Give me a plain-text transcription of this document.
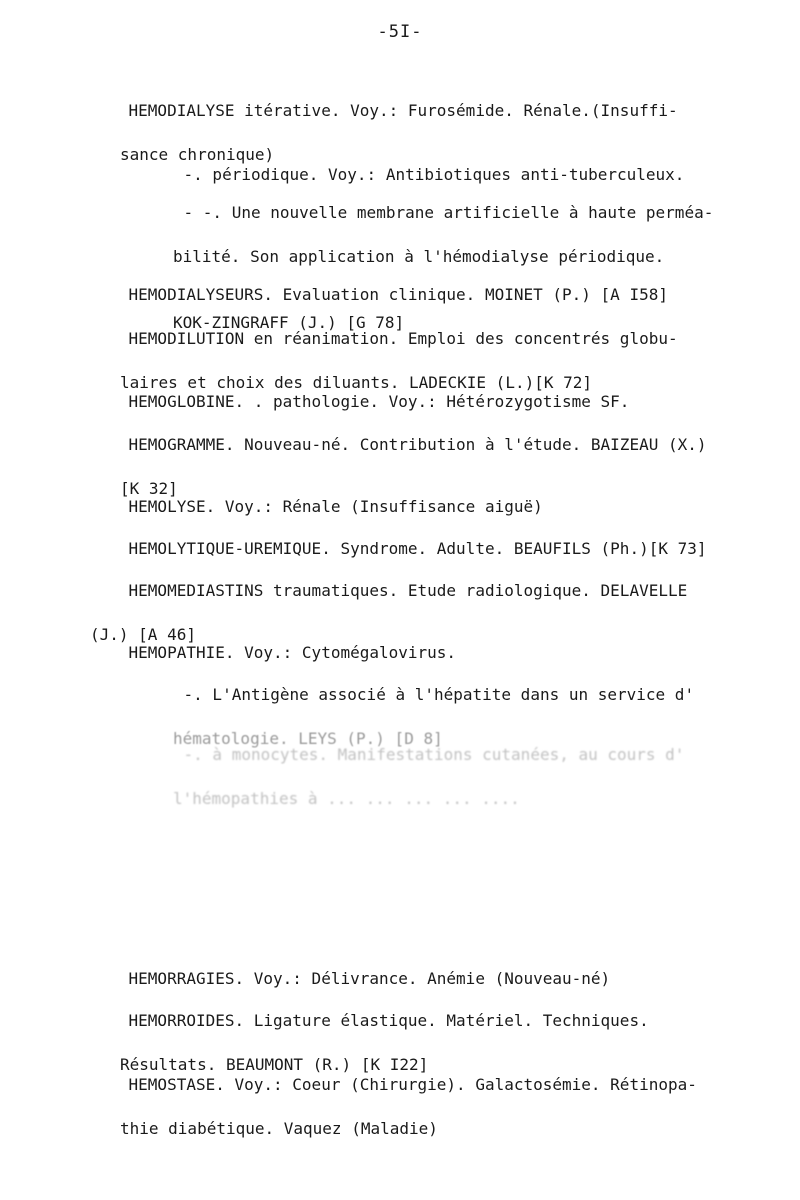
-5I-

HEMODIALYSE itérative. Voy.: Furosémide. Rénale.(Insuffi-

sance chronique)

-. périodique. Voy.: Antibiotiques anti-tuberculeux.

- -. Une nouvelle membrane artificielle à haute perméa-

bilité. Son application à l'hémodialyse périodique.

KOK-ZINGRAFF (J.) [G 78]

HEMODIALYSEURS. Evaluation clinique. MOINET (P.) [A I58]

HEMODILUTION en réanimation. Emploi des concentrés globu-

laires et choix des diluants. LADECKIE (L.)[K 72]

HEMOGLOBINE. . pathologie. Voy.: Hétérozygotisme SF.

HEMOGRAMME. Nouveau-né. Contribution à l'étude. BAIZEAU (X.)

[K 32]

HEMOLYSE. Voy.: Rénale (Insuffisance aiguë)

HEMOLYTIQUE-UREMIQUE. Syndrome. Adulte. BEAUFILS (Ph.)[K 73]

HEMOMEDIASTINS traumatiques. Etude radiologique. DELAVELLE

(J.) [A 46]

HEMOPATHIE. Voy.: Cytomégalovirus.

-. L'Antigène associé à l'hépatite dans un service d'

hématologie. LEYS (P.) [D 8]

-. à monocytes. Manifestations cutanées, au cours d'

l'hémopathies à ... ... ... ... ....

HEMORRAGIES. Voy.: Délivrance. Anémie (Nouveau-né)

HEMORROIDES. Ligature élastique. Matériel. Techniques.

Résultats. BEAUMONT (R.) [K I22]

HEMOSTASE. Voy.: Coeur (Chirurgie). Galactosémie. Rétinopa-

thie diabétique. Vaquez (Maladie)
